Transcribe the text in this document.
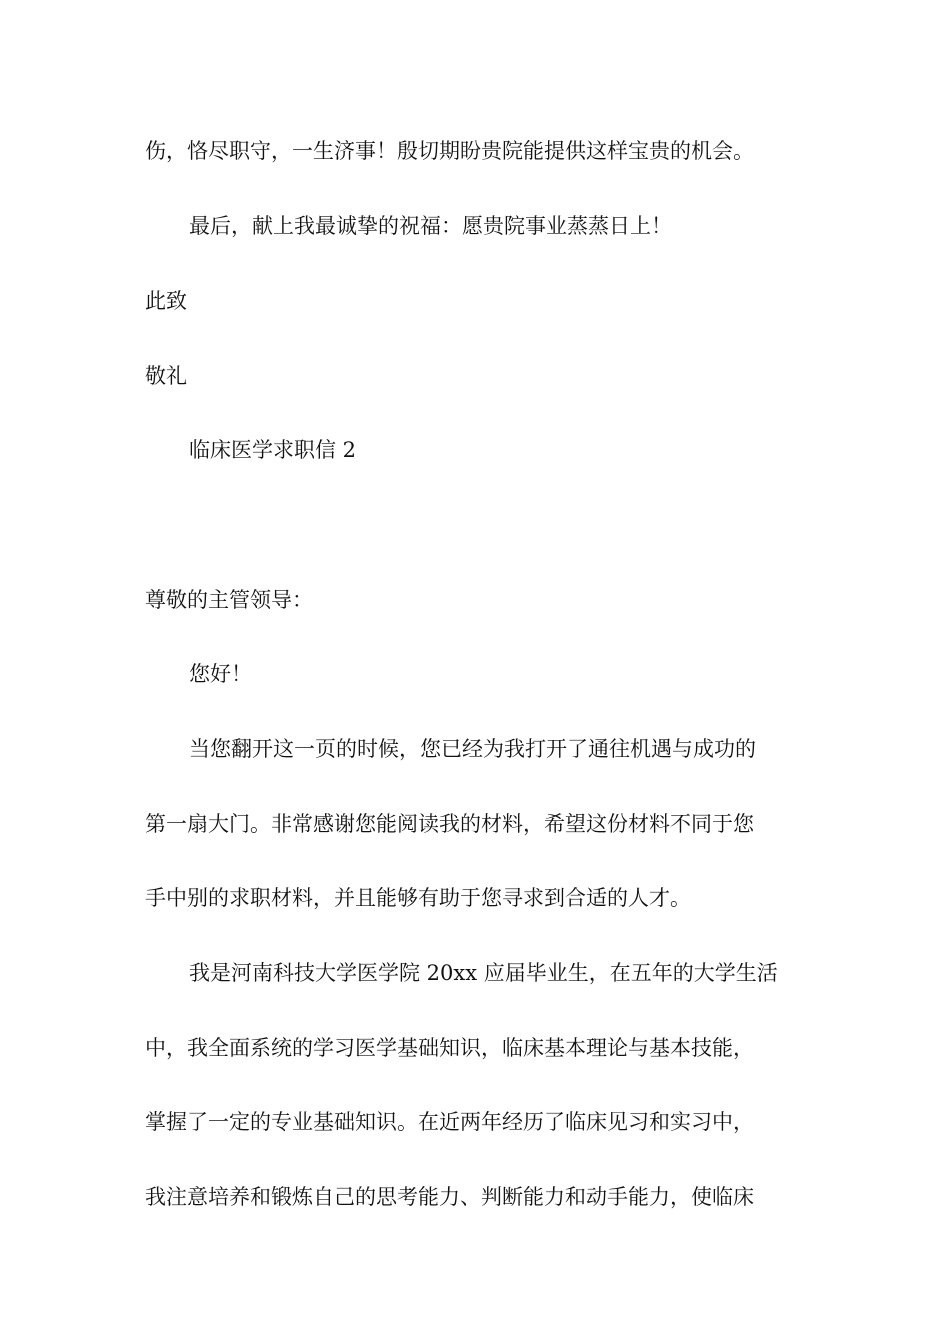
伤，恪尽职守，一生济事！殷切期盼贵院能提供这样宝贵的机会。
最后，献上我最诚挚的祝福：愿贵院事业蒸蒸日上！
此致
敬礼
临床医学求职信 2
尊敬的主管领导：
您好！
当您翻开这一页的时候，您已经为我打开了通往机遇与成功的
第一扇大门。非常感谢您能阅读我的材料，希望这份材料不同于您
手中别的求职材料，并且能够有助于您寻求到合适的人才。
我是河南科技大学医学院 20xx 应届毕业生，在五年的大学生活
中，我全面系统的学习医学基础知识，临床基本理论与基本技能，
掌握了一定的专业基础知识。在近两年经历了临床见习和实习中，
我注意培养和锻炼自己的思考能力、判断能力和动手能力，使临床
